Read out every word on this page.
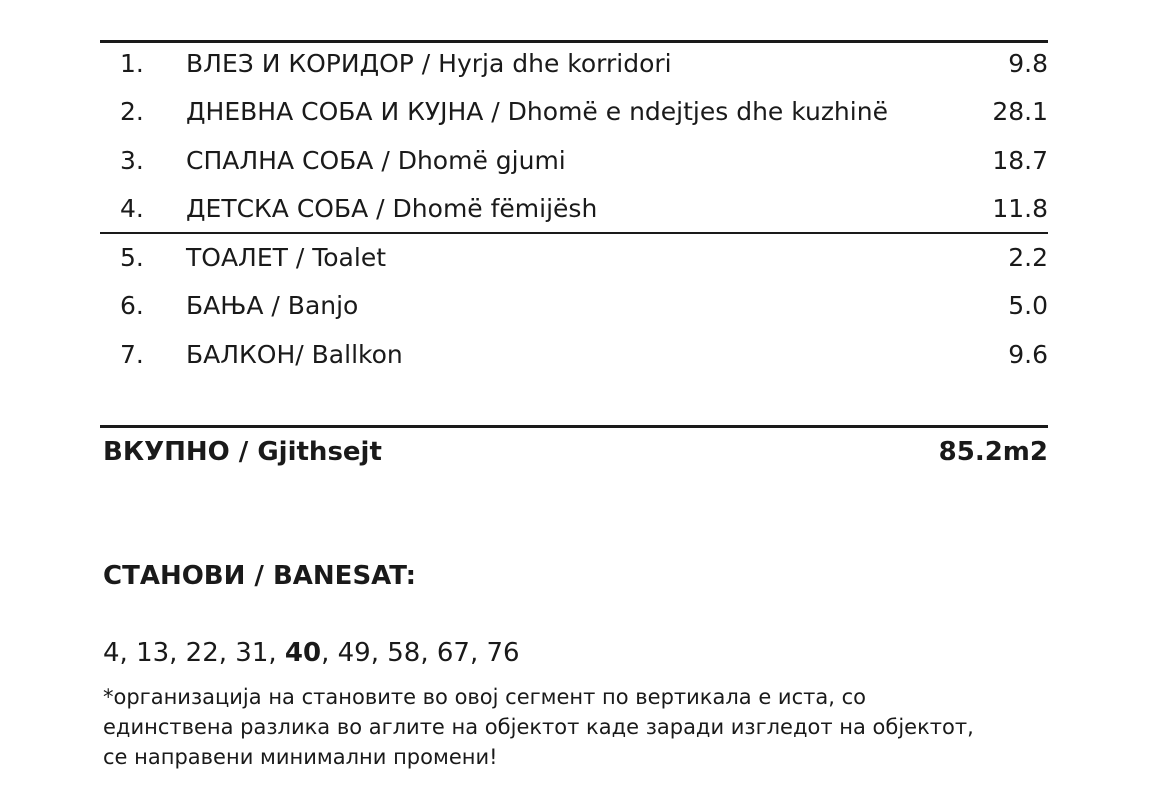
1.	ВЛЕЗ И КОРИДОР / Hyrja dhe korridori	9.8
2.	ДНЕВНА СОБА И КУЈНА / Dhomë e ndejtjes dhe kuzhinë	28.1
3.	СПАЛНА СОБА / Dhomë gjumi	18.7
4.	ДЕТСКА СОБА / Dhomë fëmijësh	11.8
5.	ТОАЛЕТ / Toalet	2.2
6.	БАЊА / Banjo	5.0
7.	БАЛКОН/ Ballkon	9.6
ВКУПНО / Gjithsejt	85.2m2
СТАНОВИ / BANESAT:
4, 13, 22, 31, 40, 49, 58, 67, 76
*организација на становите во овој сегмент по вертикала е иста, со
единствена разлика во аглите на објектот каде заради изгледот на објектот,
се направени минимални промени!
